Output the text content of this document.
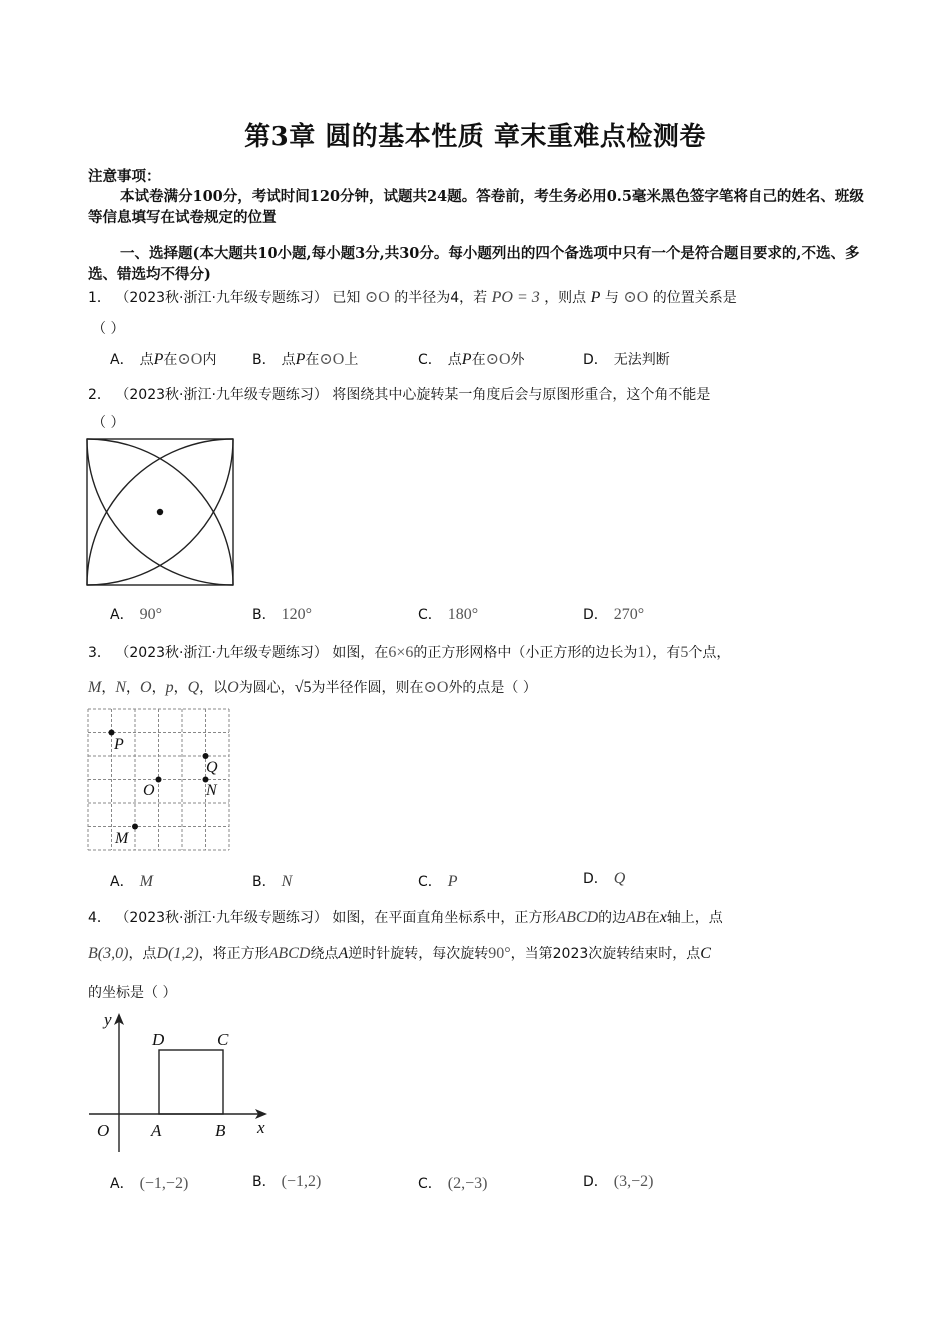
第3章 圆的基本性质 章末重难点检测卷
注意事项：
本试卷满分100分，考试时间120分钟，试题共24题。答卷前，考生务必用0.5毫米黑色签字笔将自己的姓名、班级等信息填写在试卷规定的位置
一、选择题(本大题共10小题,每小题3分,共30分。每小题列出的四个备选项中只有一个是符合题目要求的,不选、多选、错选均不得分)
1． （2023秋·浙江·九年级专题练习） 已知 ⊙O 的半径为4，若 PO = 3 ，则点 P 与 ⊙O 的位置关系是
（ ）
A． 点P在⊙O内	B． 点P在⊙O上	C． 点P在⊙O外	D． 无法判断
2． （2023秋·浙江·九年级专题练习） 将图绕其中心旋转某一角度后会与原图形重合，这个角不能是
（ ）
A． 90°	B． 120°	C． 180°	D． 270°
3． （2023秋·浙江·九年级专题练习） 如图，在6×6的正方形网格中（小正方形的边长为1），有5个点，
M，N，O，p，Q，以O为圆心，√5为半径作圆，则在⊙O外的点是（ ）
P
Q
O	N
M
A． M	B． N	C． P	D． Q
4． （2023秋·浙江·九年级专题练习） 如图，在平面直角坐标系中，正方形ABCD的边AB在x轴上，点
B(3,0)，点D(1,2)，将正方形ABCD绕点A逆时针旋转，每次旋转90°，当第2023次旋转结束时，点C
的坐标是（ ）
y
x
O A	B
C
D
A． (−1,−2)	B． (−1,2)	C． (2,−3)	D． (3,−2)
